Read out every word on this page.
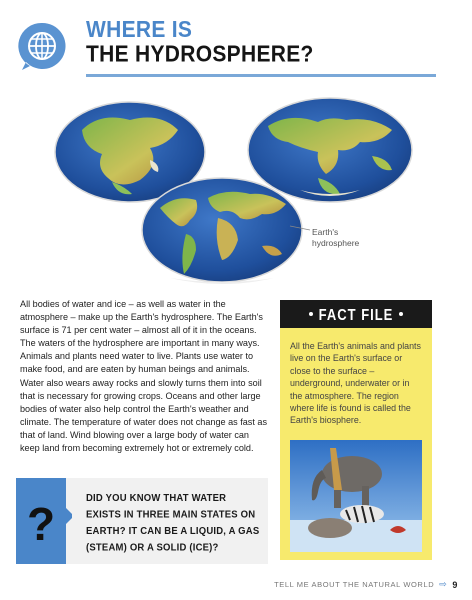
WHERE IS
THE HYDROSPHERE?
Earth's
hydrosphere

All bodies of water and ice – as well as water in the atmosphere – make up the Earth's hydrosphere. The Earth's surface is 71 per cent water – almost all of it in the oceans. The waters of the hydrosphere are important in many ways. Animals and plants need water to live. Plants use water to make food, and are eaten by human beings and animals. Water also wears away rocks and slowly turns them into soil that is necessary for growing crops. Oceans and other large bodies of water also help control the Earth's weather and climate. The temperature of water does not change as fast as that of land. Wind blowing over a large body of water can keep land from becoming extremely hot or extremely cold.

FACT FILE

All the Earth's animals and plants live on the Earth's surface or close to the surface – underground, underwater or in the atmosphere. The region where life is found is called the Earth's biosphere.

?	DID YOU KNOW THAT WATER EXISTS IN THREE MAIN STATES ON EARTH? IT CAN BE A LIQUID, A GAS (STEAM) OR A SOLID (ICE)?

TELL ME ABOUT THE NATURAL WORLD ⇨ 9
